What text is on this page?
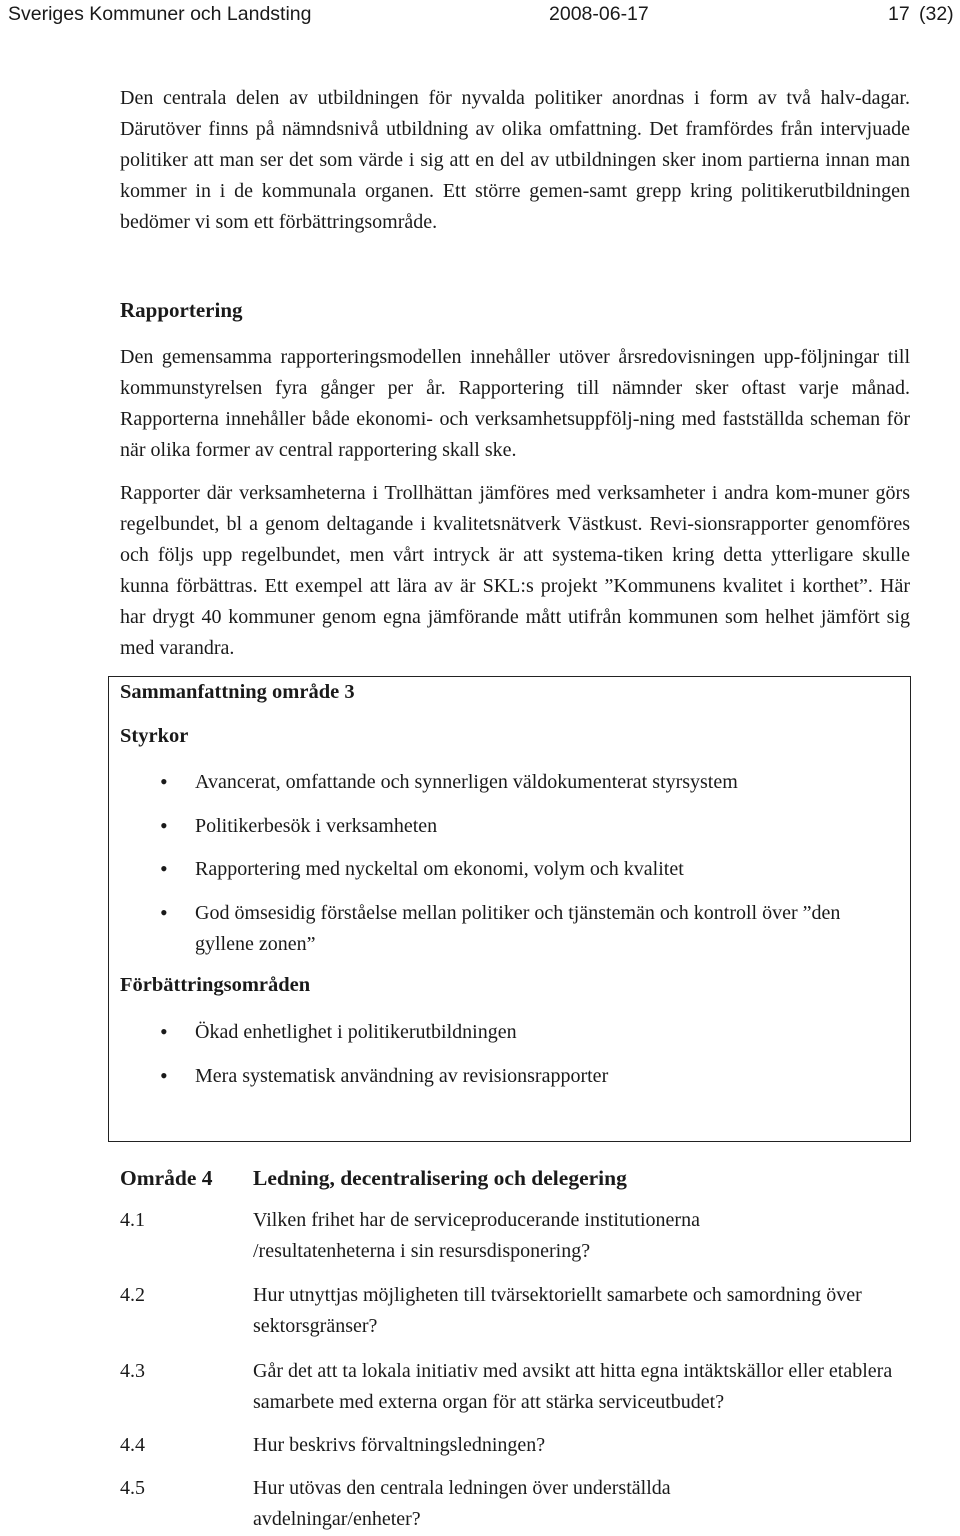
Sveriges Kommuner och Landsting	2008-06-17	17 (32)

Den centrala delen av utbildningen för nyvalda politiker anordnas i form av två halv-dagar. Därutöver finns på nämndsnivå utbildning av olika omfattning. Det framfördes från intervjuade politiker att man ser det som värde i sig att en del av utbildningen sker inom partierna innan man kommer in i de kommunala organen. Ett större gemen-samt grepp kring politikerutbildningen bedömer vi som ett förbättringsområde.

Rapportering

Den gemensamma rapporteringsmodellen innehåller utöver årsredovisningen upp-följningar till kommunstyrelsen fyra gånger per år. Rapportering till nämnder sker oftast varje månad. Rapporterna innehåller både ekonomi- och verksamhetsuppfölj-ning med fastställda scheman för när olika former av central rapportering skall ske.

Rapporter där verksamheterna i Trollhättan jämföres med verksamheter i andra kom-muner görs regelbundet, bl a genom deltagande i kvalitetsnätverk Västkust. Revi-sionsrapporter genomföres och följs upp regelbundet, men vårt intryck är att systema-tiken kring detta ytterligare skulle kunna förbättras. Ett exempel att lära av är SKL:s projekt ”Kommunens kvalitet i korthet”. Här har drygt 40 kommuner genom egna jämförande mått utifrån kommunen som helhet jämfört sig med varandra.

Sammanfattning område 3
Styrkor
• Avancerat, omfattande och synnerligen väldokumenterat styrsystem
• Politikerbesök i verksamheten
• Rapportering med nyckeltal om ekonomi, volym och kvalitet
• God ömsesidig förståelse mellan politiker och tjänstemän och kontroll över ”den gyllene zonen”
Förbättringsområden
• Ökad enhetlighet i politikerutbildningen
• Mera systematisk användning av revisionsrapporter
Område 4 Ledning, decentralisering och delegering
4.1	Vilken frihet har de serviceproducerande institutionerna /resultatenheterna i sin resursdisponering?
4.2	Hur utnyttjas möjligheten till tvärsektoriellt samarbete och samordning över sektorsgränser?
4.3	Går det att ta lokala initiativ med avsikt att hitta egna intäktskällor eller etablera samarbete med externa organ för att stärka serviceutbudet?
4.4	Hur beskrivs förvaltningsledningen?
4.5	Hur utövas den centrala ledningen över underställda avdelningar/enheter?
